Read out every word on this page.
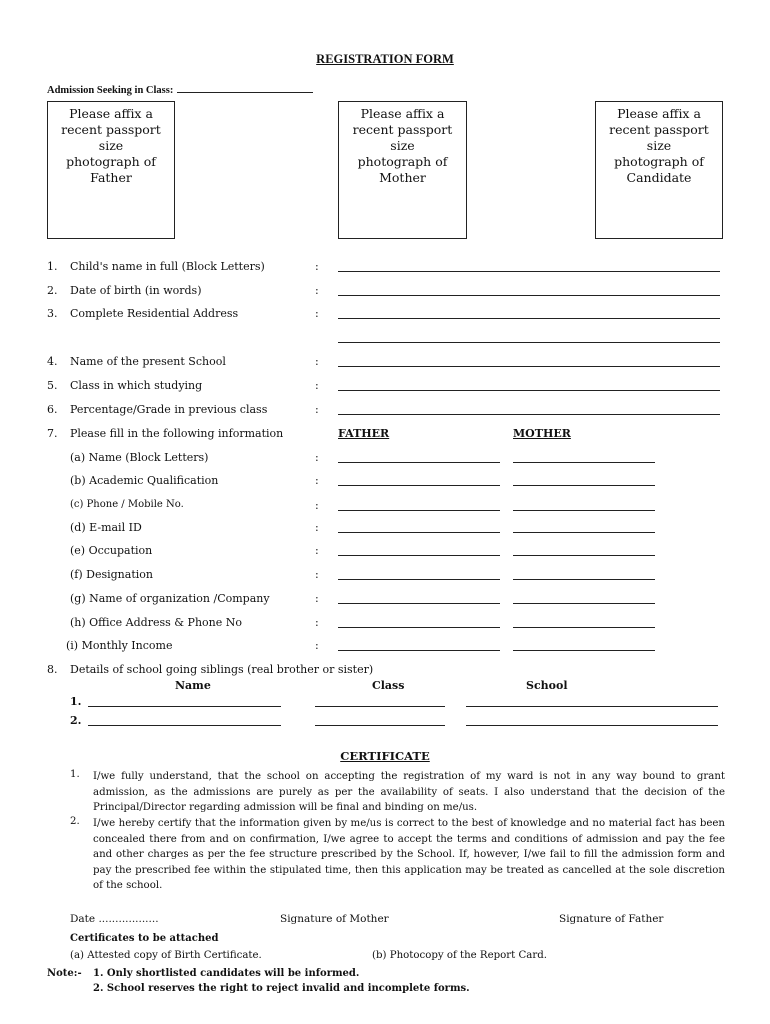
REGISTRATION FORM
Admission Seeking in Class:
Please affix a
recent passport
size
photograph of
Father
Please affix a
recent passport
size
photograph of
Mother
Please affix a
recent passport
size
photograph of
Candidate
1. Child's name in full (Block Letters)	:
2. Date of birth (in words)	:
3. Complete Residential Address	:
4. Name of the present School	:
5. Class in which studying	:
6. Percentage/Grade in previous class	:
7. Please fill in the following information	FATHER	MOTHER
(a) Name (Block Letters)	:
(b) Academic Qualification	:
(c) Phone / Mobile No.	:
(d) E-mail ID	:
(e) Occupation	:
(f) Designation	:
(g) Name of organization /Company	:
(h) Office Address & Phone No	:
(i) Monthly Income	:
8. Details of school going siblings (real brother or sister)
Name	Class	School
1.
2.
CERTIFICATE
1. I/we fully understand, that the school on accepting the registration of my ward is not in any way bound to grant admission, as the admissions are purely as per the availability of seats. I also understand that the decision of the Principal/Director regarding admission will be final and binding on me/us.
2. I/we hereby certify that the information given by me/us is correct to the best of knowledge and no material fact has been concealed there from and on confirmation, I/we agree to accept the terms and conditions of admission and pay the fee and other charges as per the fee structure prescribed by the School. If, however, I/we fail to fill the admission form and pay the prescribed fee within the stipulated time, then this application may be treated as cancelled at the sole discretion of the school.
Date ..................	Signature of Mother	Signature of Father
Certificates to be attached
(a) Attested copy of Birth Certificate.	(b) Photocopy of the Report Card.
Note:- 1. Only shortlisted candidates will be informed.
2. School reserves the right to reject invalid and incomplete forms.
